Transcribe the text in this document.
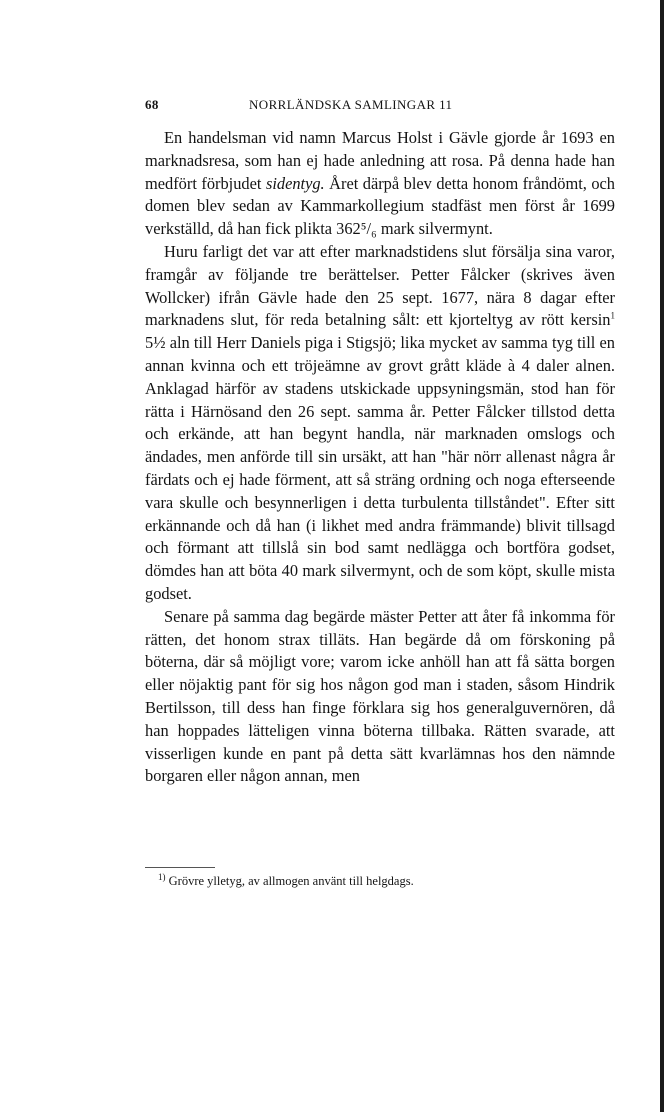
68	NORRLÄNDSKA SAMLINGAR 11

En handelsman vid namn Marcus Holst i Gävle gjorde år 1693 en marknadsresa, som han ej hade anledning att rosa. På denna hade han medfört förbjudet sidentyg. Året därpå blev detta honom fråndömt, och domen blev sedan av Kammarkollegium stadfäst men först år 1699 verkställd, då han fick plikta 362⁵/₆ mark silvermynt.

Huru farligt det var att efter marknadstidens slut försälja sina varor, framgår av följande tre berättelser. Petter Fålcker (skrives även Wollcker) ifrån Gävle hade den 25 sept. 1677, nära 8 dagar efter marknadens slut, för reda betalning sålt: ett kjorteltyg av rött kersin$^1$ 5½ aln till Herr Daniels piga i Stigsjö; lika mycket av samma tyg till en annan kvinna och ett tröjeämne av grovt grått kläde à 4 daler alnen. Anklagad härför av stadens utskickade uppsyningsmän, stod han för rätta i Härnösand den 26 sept. samma år. Petter Fålcker tillstod detta och erkände, att han begynt handla, när marknaden omslogs och ändades, men anförde till sin ursäkt, att han "här nörr allenast några år färdats och ej hade förment, att så sträng ordning och noga efterseende vara skulle och besynnerligen i detta turbulenta tillståndet". Efter sitt erkännande och då han (i likhet med andra främmande) blivit tillsagd och förmant att tillslå sin bod samt nedlägga och bortföra godset, dömdes han att böta 40 mark silvermynt, och de som köpt, skulle mista godset.

Senare på samma dag begärde mäster Petter att åter få inkomma för rätten, det honom strax tilläts. Han begärde då om förskoning på böterna, där så möjligt vore; varom icke anhöll han att få sätta borgen eller nöjaktig pant för sig hos någon god man i staden, såsom Hindrik Bertilsson, till dess han finge förklara sig hos generalguvernören, då han hoppades lätteligen vinna böterna tillbaka. Rätten svarade, att visserligen kunde en pant på detta sätt kvarlämnas hos den nämnde borgaren eller någon annan, men

$^{1)}$ Grövre ylletyg, av allmogen använt till helgdags.
